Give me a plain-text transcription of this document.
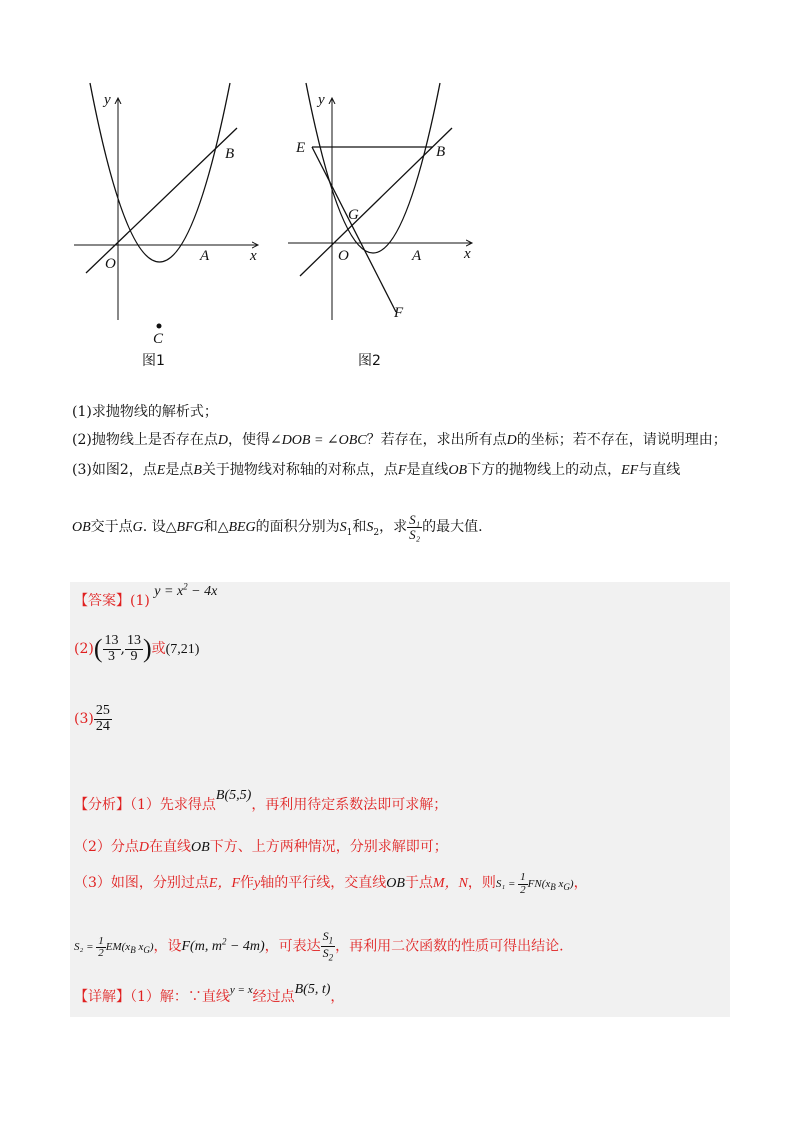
y
x
O	A
B
C
图1
y
x
O	A
B
E
G
F
图2
(1)求抛物线的解析式；
(2)抛物线上是否存在点D，使得∠DOB = ∠OBC？若存在，求出所有点D的坐标；若不存在，请说明理由；
(3)如图2，点E是点B关于抛物线对称轴的对称点，点F是直线OB下方的抛物线上的动点，EF与直线
OB交于点G. 设△BFG和△BEG的面积分别为$S_1$和$S_2$，求 $\frac{\text{S₁}}{\text{S₂}}$ 的最大值.
【答案】(1) $y = x^2 - 4x$
$(2)( \frac{13}{3}$ , $\frac{13}{9}$ )或(7,21)
$(3) \frac{25}{24}$
【分析】（1）先求得点B(5,5)，再利用待定系数法即可求解；
（2）分点D在直线OB下方、上方两种情况，分别求解即可；
（3）如图，分别过点E，F作y轴的平行线，交直线OB于点M，N，则$S_1 = \frac{1}{2} FN(x_B$ $x_G$)，
$S_2 = \frac{1}{2} EM(x_B$ $x_G$)，设F(m, $m^2 - 4m$)，可表达 $\frac{S_1}{S_2}$ ，再利用二次函数的性质可得出结论.
【详解】（1）解：∵直线$^{y = x}$经过点B(5, t)，
